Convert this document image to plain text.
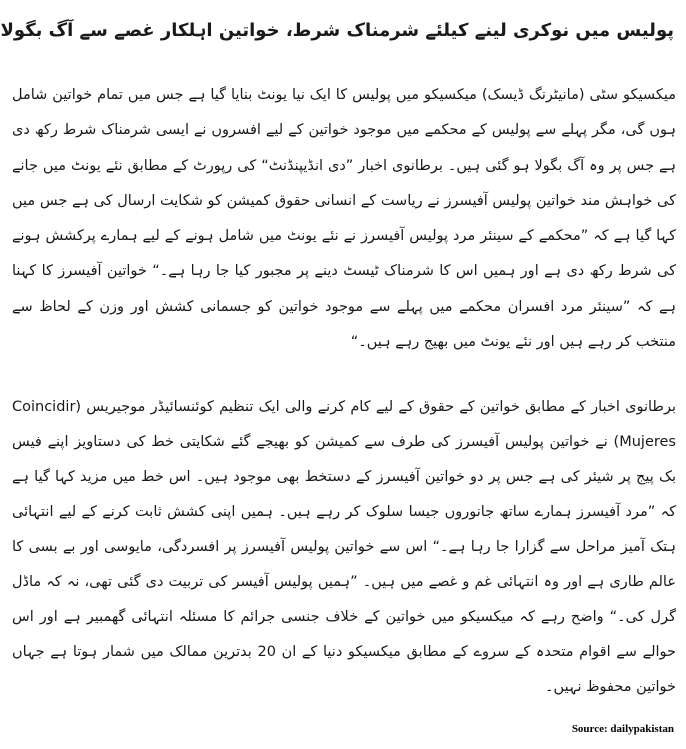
پولیس میں نوکری لینے کیلئے شرمناک شرط، خواتین اہلکار غصے سے آگ بگولا

میکسیکو سٹی (مانیٹرنگ ڈیسک) میکسیکو میں پولیس کا ایک نیا یونٹ بنایا گیا ہے جس میں تمام خواتین شامل ہوں گی، مگر پہلے سے پولیس کے محکمے میں موجود خواتین کے لیے افسروں نے ایسی شرمناک شرط رکھ دی ہے جس پر وہ آگ بگولا ہو گئی ہیں۔ برطانوی اخبار ”دی انڈیپنڈنٹ“ کی رپورٹ کے مطابق نئے یونٹ میں جانے کی خواہش مند خواتین پولیس آفیسرز نے ریاست کے انسانی حقوق کمیشن کو شکایت ارسال کی ہے جس میں کہا گیا ہے کہ ”محکمے کے سینئر مرد پولیس آفیسرز نے نئے یونٹ میں شامل ہونے کے لیے ہمارے پرکشش ہونے کی شرط رکھ دی ہے اور ہمیں اس کا شرمناک ٹیسٹ دینے پر مجبور کیا جا رہا ہے۔“ خواتین آفیسرز کا کہنا ہے کہ ”سینئر مرد افسران محکمے میں پہلے سے موجود خواتین کو جسمانی کشش اور وزن کے لحاظ سے منتخب کر رہے ہیں اور نئے یونٹ میں بھیج رہے ہیں۔“

برطانوی اخبار کے مطابق خواتین کے حقوق کے لیے کام کرنے والی ایک تنظیم کوئنسائیڈر موجیریس (Coincidir Mujeres) نے خواتین پولیس آفیسرز کی طرف سے کمیشن کو بھیجے گئے شکایتی خط کی دستاویز اپنے فیس بک پیج پر شیئر کی ہے جس پر دو خواتین آفیسرز کے دستخط بھی موجود ہیں۔ اس خط میں مزید کہا گیا ہے کہ ”مرد آفیسرز ہمارے ساتھ جانوروں جیسا سلوک کر رہے ہیں۔ ہمیں اپنی کشش ثابت کرنے کے لیے انتہائی ہتک آمیز مراحل سے گزارا جا رہا ہے۔“ اس سے خواتین پولیس آفیسرز پر افسردگی، مایوسی اور بے بسی کا عالم طاری ہے اور وہ انتہائی غم و غصے میں ہیں۔ ”ہمیں پولیس آفیسر کی تربیت دی گئی تھی، نہ کہ ماڈل گرل کی۔“ واضح رہے کہ میکسیکو میں خواتین کے خلاف جنسی جرائم کا مسئلہ انتہائی گھمبیر ہے اور اس حوالے سے اقوام متحدہ کے سروے کے مطابق میکسیکو دنیا کے ان 20 بدترین ممالک میں شمار ہوتا ہے جہاں خواتین محفوظ نہیں۔

Source: dailypakistan
